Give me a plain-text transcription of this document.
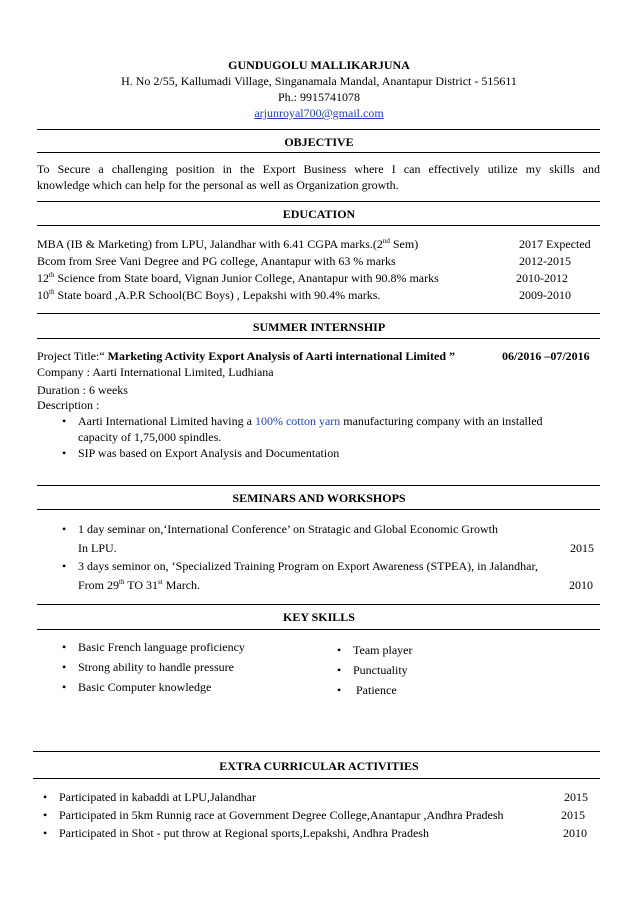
GUNDUGOLU MALLIKARJUNA
H. No 2/55, Kallumadi Village, Singanamala Mandal, Anantapur District - 515611
Ph.: 9915741078
arjunroyal700@gmail.com
OBJECTIVE
To Secure a challenging position in the Export Business where I can effectively utilize my skills and
knowledge which can help for the personal as well as Organization growth.
EDUCATION
MBA (IB & Marketing) from LPU, Jalandhar with 6.41 CGPA marks.(2nd Sem)	2017 Expected
Bcom from Sree Vani Degree and PG college, Anantapur with 63 % marks	2012-2015
12th Science from State board, Vignan Junior College, Anantapur with 90.8% marks	2010-2012
10th State board ,A.P.R School(BC Boys) , Lepakshi with 90.4% marks.	2009-2010
SUMMER INTERNSHIP
Project Title:“ Marketing Activity Export Analysis of Aarti international Limited ”	06/2016 –07/2016
Company : Aarti International Limited, Ludhiana
Duration : 6 weeks
Description :
• Aarti International Limited having a 100% cotton yarn manufacturing company with an installed
capacity of 1,75,000 spindles.
• SIP was based on Export Analysis and Documentation
SEMINARS AND WORKSHOPS
• 1 day seminar on,‘International Conference’ on Stratagic and Global Economic Growth
In LPU.	2015
• 3 days seminor on, ‘Specialized Training Program on Export Awareness (STPEA), in Jalandhar,
From 29th TO 31st March.	2010
KEY SKILLS
• Basic French language proficiency
• Strong ability to handle pressure
• Basic Computer knowledge
• Team player
• Punctuality
•  Patience
EXTRA CURRICULAR ACTIVITIES
• Participated in kabaddi at LPU,Jalandhar	2015
• Participated in 5km Runnig race at Government Degree College,Anantapur ,Andhra Pradesh	2015
• Participated in Shot - put throw at Regional sports,Lepakshi, Andhra Pradesh	2010
